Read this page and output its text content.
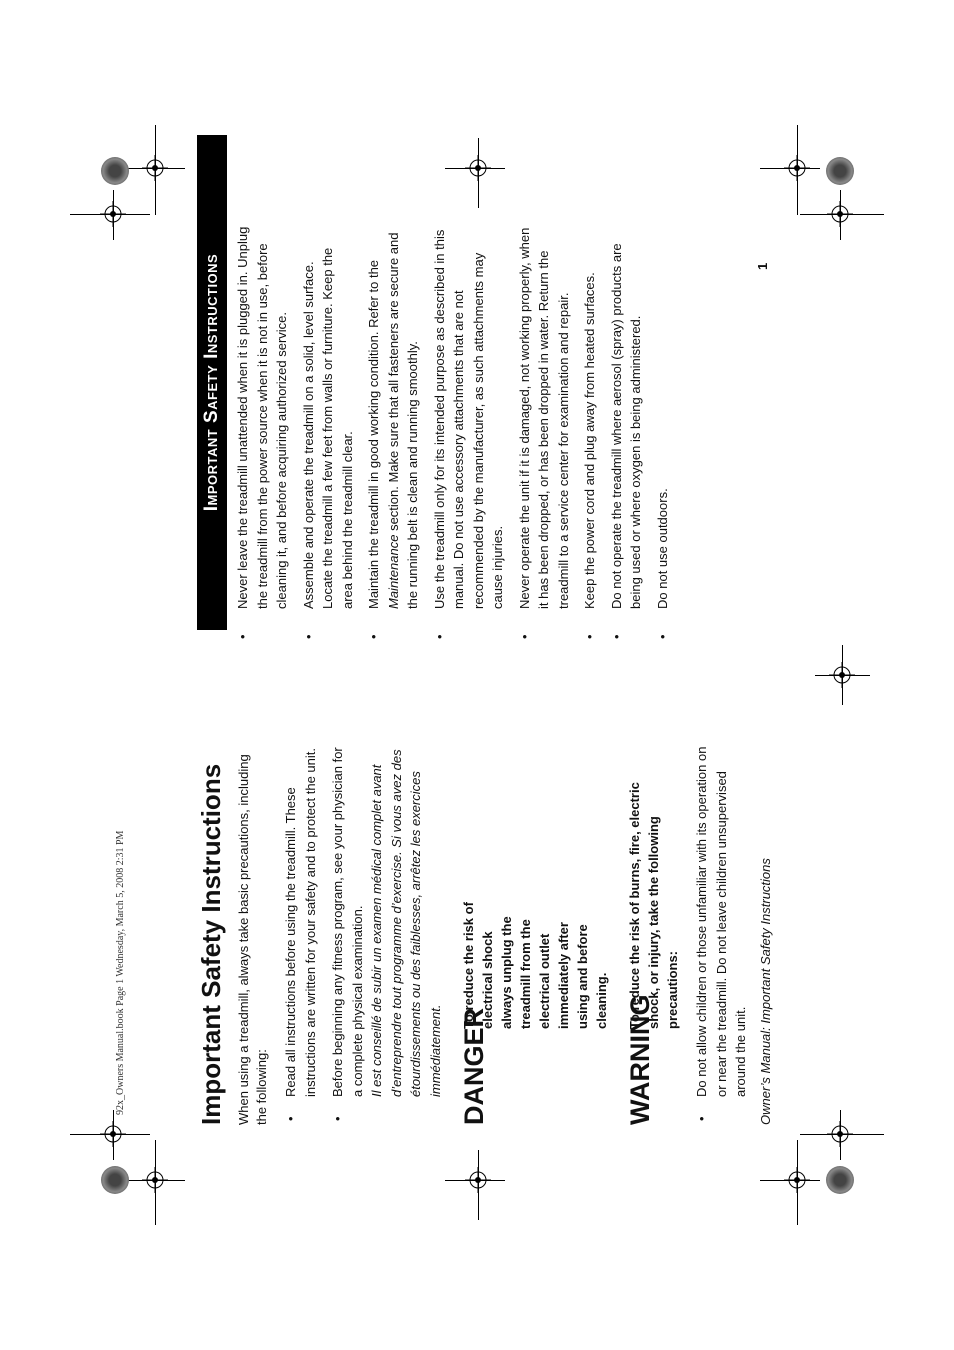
92x_Owners Manual.book Page 1 Wednesday, March 5, 2008 2:31 PM
Important Safety Instructions
Important Safety Instructions When using a treadmill, always take basic precautions, including the following: • Read all instructions before using the treadmill. These instructions are written for your safety and to protect the unit. • Before beginning any fitness program, see your physician for a complete physical examination. Il est conseillé de subir un examen médical complet avant d’entreprendre tout programme d’exercise. Si vous avez des étourdissements ou des faiblesses, arrêtez les exercices immédiatement. DANGER
To reduce the risk of electrical shock always unplug the treadmill from the electrical outlet immediately after using and before cleaning. WARNING
To reduce the risk of burns, fire, electric shock, or injury, take the following precautions: • Do not allow children or those unfamiliar with its operation on or near the treadmill. Do not leave children unsupervised around the unit.
• Never leave the treadmill unattended when it is plugged in. Unplug the treadmill from the power source when it is not in use, before cleaning it, and before acquiring authorized service. • Assemble and operate the treadmill on a solid, level surface. Locate the treadmill a few feet from walls or furniture. Keep the area behind the treadmill clear. • Maintain the treadmill in good working condition. Refer to the Maintenance section. Make sure that all fasteners are secure and the running belt is clean and running smoothly. • Use the treadmill only for its intended purpose as described in this manual. Do not use accessory attachments that are not recommended by the manufacturer, as such attachments may cause injuries. • Never operate the unit if it is damaged, not working properly, when it has been dropped, or has been dropped in water. Return the treadmill to a service center for examination and repair. • Keep the power cord and plug away from heated surfaces. • Do not operate the treadmill where aerosol (spray) products are being used or where oxygen is being administered. • Do not use outdoors.
Owner’s Manual: Important Safety Instructions
1
